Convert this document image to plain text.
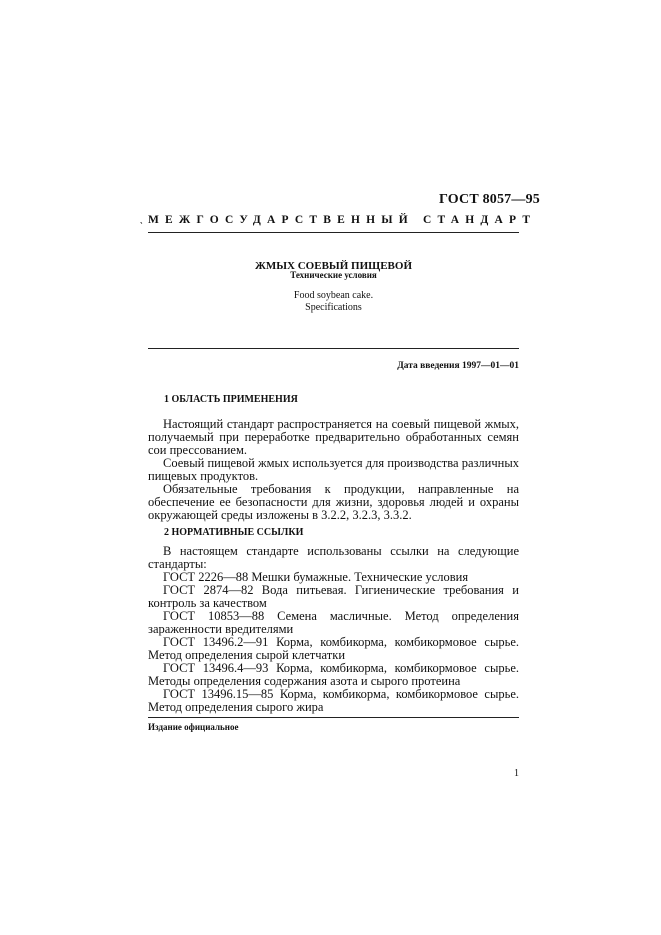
ГОСТ 8057—95
‵
МЕЖГОСУДАРСТВЕННЫЙ СТАНДАРТ
ЖМЫХ СОЕВЫЙ ПИЩЕВОЙ
Технические условия
Food soybean cake.
Specifications
Дата введения 1997—01—01
1 ОБЛАСТЬ ПРИМЕНЕНИЯ

Настоящий стандарт распространяется на соевый пищевой жмых, получаемый при переработке предварительно обработанных семян сои прессованием.

Соевый пищевой жмых используется для производства различных пищевых продуктов.

Обязательные требования к продукции, направленные на обеспечение ее безопасности для жизни, здоровья людей и охраны окружающей среды изложены в 3.2.2, 3.2.3, 3.3.2.

2 НОРМАТИВНЫЕ ССЫЛКИ

В настоящем стандарте использованы ссылки на следующие стандарты:

ГОСТ 2226—88 Мешки бумажные. Технические условия

ГОСТ 2874—82 Вода питьевая. Гигиенические требования и контроль за качеством

ГОСТ 10853—88 Семена масличные. Метод определения зараженности вредителями

ГОСТ 13496.2—91 Корма, комбикорма, комбикормовое сырье. Метод определения сырой клетчатки

ГОСТ 13496.4—93 Корма, комбикорма, комбикормовое сырье. Методы определения содержания азота и сырого протеина

ГОСТ 13496.15—85 Корма, комбикорма, комбикормовое сырье. Метод определения сырого жира

Издание официальное
1
